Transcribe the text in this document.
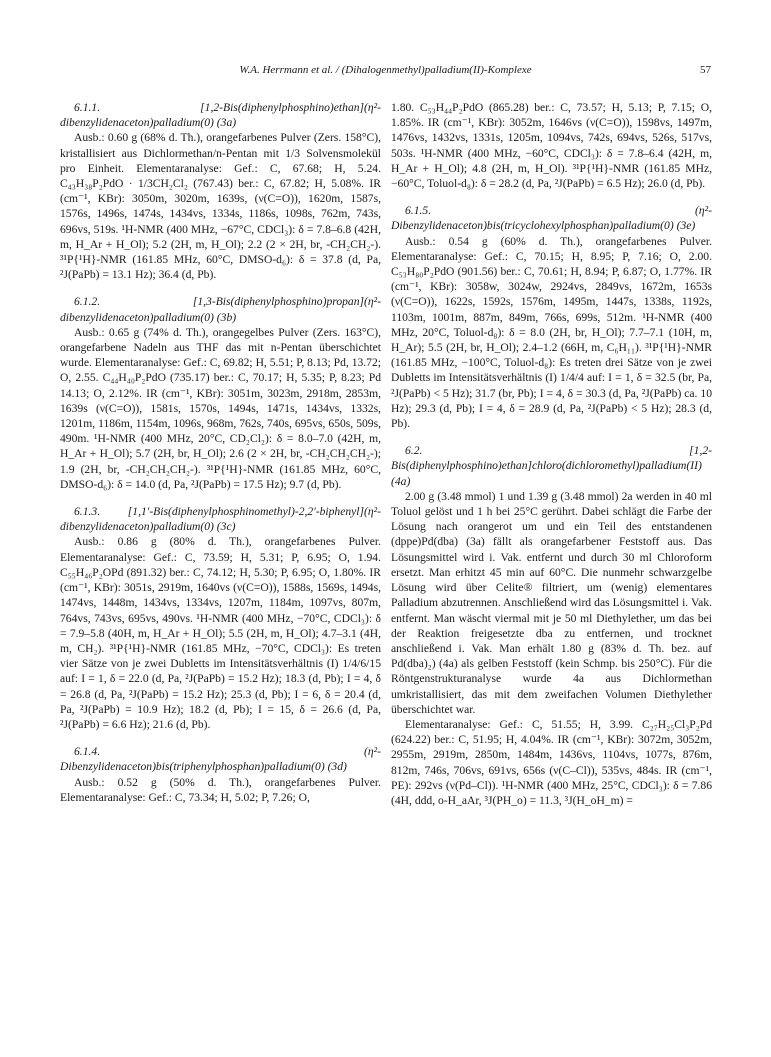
W.A. Herrmann et al. / (Dihalogenmethyl)palladium(II)-Komplexe	57

6.1.1. [1,2-Bis(diphenylphosphino)ethan](η²-dibenzylidenaceton)palladium(0) (3a)

Ausb.: 0.60 g (68% d. Th.), orangefarbenes Pulver (Zers. 158°C), kristallisiert aus Dichlormethan/n-Pentan mit 1/3 Solvensmolekül pro Einheit. Elementaranalyse: Gef.: C, 67.68; H, 5.24. C₄₃H₃₈P₂PdO · 1/3CH₂Cl₂ (767.43) ber.: C, 67.82; H, 5.08%. IR (cm⁻¹, KBr): 3050m, 3020m, 1639s, (ν(C=O)), 1620m, 1587s, 1576s, 1496s, 1474s, 1434vs, 1334s, 1186s, 1098s, 762m, 743s, 696vs, 519s. ¹H-NMR (400 MHz, −67°C, CDCl₃): δ = 7.8–6.8 (42H, m, H_Ar + H_Ol); 5.2 (2H, m, H_Ol); 2.2 (2 × 2H, br, -CH₂CH₂-). ³¹P{¹H}-NMR (161.85 MHz, 60°C, DMSO-d₆): δ = 37.8 (d, Pa, ²J(PaPb) = 13.1 Hz); 36.4 (d, Pb).

6.1.2. [1,3-Bis(diphenylphosphino)propan](η²-dibenzylidenaceton)palladium(0) (3b)

Ausb.: 0.65 g (74% d. Th.), orangegelbes Pulver (Zers. 163°C), orangefarbene Nadeln aus THF das mit n-Pentan überschichtet wurde. Elementaranalyse: Gef.: C, 69.82; H, 5.51; P, 8.13; Pd, 13.72; O, 2.55. C₄₄H₄₀P₂PdO (735.17) ber.: C, 70.17; H, 5.35; P, 8.23; Pd 14.13; O, 2.12%. IR (cm⁻¹, KBr): 3051m, 3023m, 2918m, 2853m, 1639s (ν(C=O)), 1581s, 1570s, 1494s, 1471s, 1434vs, 1332s, 1201m, 1186m, 1154m, 1096s, 968m, 762s, 740s, 695vs, 650s, 509s, 490m. ¹H-NMR (400 MHz, 20°C, CD₂Cl₂): δ = 8.0–7.0 (42H, m, H_Ar + H_Ol); 5.7 (2H, br, H_Ol); 2.6 (2 × 2H, br, -CH₂CH₂CH₂-); 1.9 (2H, br, -CH₂CH₂CH₂-). ³¹P{¹H}-NMR (161.85 MHz, 60°C, DMSO-d₆): δ = 14.0 (d, Pa, ²J(PaPb) = 17.5 Hz); 9.7 (d, Pb).

6.1.3. [1,1′-Bis(diphenylphosphinomethyl)-2,2′-biphenyl](η²-dibenzylidenaceton)palladium(0) (3c)

Ausb.: 0.86 g (80% d. Th.), orangefarbenes Pulver. Elementaranalyse: Gef.: C, 73.59; H, 5.31; P, 6.95; O, 1.94. C₅₅H₄₆P₂OPd (891.32) ber.: C, 74.12; H, 5.30; P, 6.95; O, 1.80%. IR (cm⁻¹, KBr): 3051s, 2919m, 1640vs (ν(C=O)), 1588s, 1569s, 1494s, 1474vs, 1448m, 1434vs, 1334vs, 1207m, 1184m, 1097vs, 807m, 764vs, 743vs, 695vs, 490vs. ¹H-NMR (400 MHz, −70°C, CDCl₃): δ = 7.9–5.8 (40H, m, H_Ar + H_Ol); 5.5 (2H, m, H_Ol); 4.7–3.1 (4H, m, CH₂). ³¹P{¹H}-NMR (161.85 MHz, −70°C, CDCl₃): Es treten vier Sätze von je zwei Dubletts im Intensitätsverhältnis (I) 1/4/6/15 auf: I = 1, δ = 22.0 (d, Pa, ²J(PaPb) = 15.2 Hz); 18.3 (d, Pb); I = 4, δ = 26.8 (d, Pa, ²J(PaPb) = 15.2 Hz); 25.3 (d, Pb); I = 6, δ = 20.4 (d, Pa, ²J(PaPb) = 10.9 Hz); 18.2 (d, Pb); I = 15, δ = 26.6 (d, Pa, ²J(PaPb) = 6.6 Hz); 21.6 (d, Pb).

6.1.4. (η²-Dibenzylidenaceton)bis(triphenylphosphan)palladium(0) (3d)

Ausb.: 0.52 g (50% d. Th.), orangefarbenes Pulver. Elementaranalyse: Gef.: C, 73.34; H, 5.02; P, 7.26; O,

1.80. C₅₃H₄₄P₂PdO (865.28) ber.: C, 73.57; H, 5.13; P, 7.15; O, 1.85%. IR (cm⁻¹, KBr): 3052m, 1646vs (ν(C=O)), 1598vs, 1497m, 1476vs, 1432vs, 1331s, 1205m, 1094vs, 742s, 694vs, 526s, 517vs, 503s. ¹H-NMR (400 MHz, −60°C, CDCl₃): δ = 7.8–6.4 (42H, m, H_Ar + H_Ol); 4.8 (2H, m, H_Ol). ³¹P{¹H}-NMR (161.85 MHz, −60°C, Toluol-d₈): δ = 28.2 (d, Pa, ²J(PaPb) = 6.5 Hz); 26.0 (d, Pb).

6.1.5. (η²-Dibenzylidenaceton)bis(tricyclohexylphosphan)palladium(0) (3e)

Ausb.: 0.54 g (60% d. Th.), orangefarbenes Pulver. Elementaranalyse: Gef.: C, 70.15; H, 8.95; P, 7.16; O, 2.00. C₅₃H₈₀P₂PdO (901.56) ber.: C, 70.61; H, 8.94; P, 6.87; O, 1.77%. IR (cm⁻¹, KBr): 3058w, 3024w, 2924vs, 2849vs, 1672m, 1653s (ν(C=O)), 1622s, 1592s, 1576m, 1495m, 1447s, 1338s, 1192s, 1103m, 1001m, 887m, 849m, 766s, 699s, 512m. ¹H-NMR (400 MHz, 20°C, Toluol-d₈): δ = 8.0 (2H, br, H_Ol); 7.7–7.1 (10H, m, H_Ar); 5.5 (2H, br, H_Ol); 2.4–1.2 (66H, m, C₆H₁₁). ³¹P{¹H}-NMR (161.85 MHz, −100°C, Toluol-d₈): Es treten drei Sätze von je zwei Dubletts im Intensitätsverhältnis (I) 1/4/4 auf: I = 1, δ = 32.5 (br, Pa, ²J(PaPb) < 5 Hz); 31.7 (br, Pb); I = 4, δ = 30.3 (d, Pa, ²J(PaPb) ca. 10 Hz); 29.3 (d, Pb); I = 4, δ = 28.9 (d, Pa, ²J(PaPb) < 5 Hz); 28.3 (d, Pb).

6.2. [1,2-Bis(diphenylphosphino)ethan]chloro(dichloromethyl)palladium(II) (4a)

2.00 g (3.48 mmol) 1 und 1.39 g (3.48 mmol) 2a werden in 40 ml Toluol gelöst und 1 h bei 25°C gerührt. Dabei schlägt die Farbe der Lösung nach orangerot um und ein Teil des entstandenen (dppe)Pd(dba) (3a) fällt als orangefarbener Feststoff aus. Das Lösungsmittel wird i. Vak. entfernt und durch 30 ml Chloroform ersetzt. Man erhitzt 45 min auf 60°C. Die nunmehr schwarzgelbe Lösung wird über Celite® filtriert, um (wenig) elementares Palladium abzutrennen. Anschließend wird das Lösungsmittel i. Vak. entfernt. Man wäscht viermal mit je 50 ml Diethylether, um das bei der Reaktion freigesetzte dba zu entfernen, und trocknet anschließend i. Vak. Man erhält 1.80 g (83% d. Th. bez. auf Pd(dba)₂) (4a) als gelben Feststoff (kein Schmp. bis 250°C). Für die Röntgenstrukturanalyse wurde 4a aus Dichlormethan umkristallisiert, das mit dem zweifachen Volumen Diethylether überschichtet war.

Elementaranalyse: Gef.: C, 51.55; H, 3.99. C₂₇H₂₅Cl₃P₂Pd (624.22) ber.: C, 51.95; H, 4.04%. IR (cm⁻¹, KBr): 3072m, 3052m, 2955m, 2919m, 2850m, 1484m, 1436vs, 1104vs, 1077s, 876m, 812m, 746s, 706vs, 691vs, 656s (ν(C–Cl)), 535vs, 484s. IR (cm⁻¹, PE): 292vs (ν(Pd–Cl)). ¹H-NMR (400 MHz, 25°C, CDCl₃): δ = 7.86 (4H, ddd, o-H_aAr, ³J(PH_o) = 11.3, ³J(H_oH_m) =
